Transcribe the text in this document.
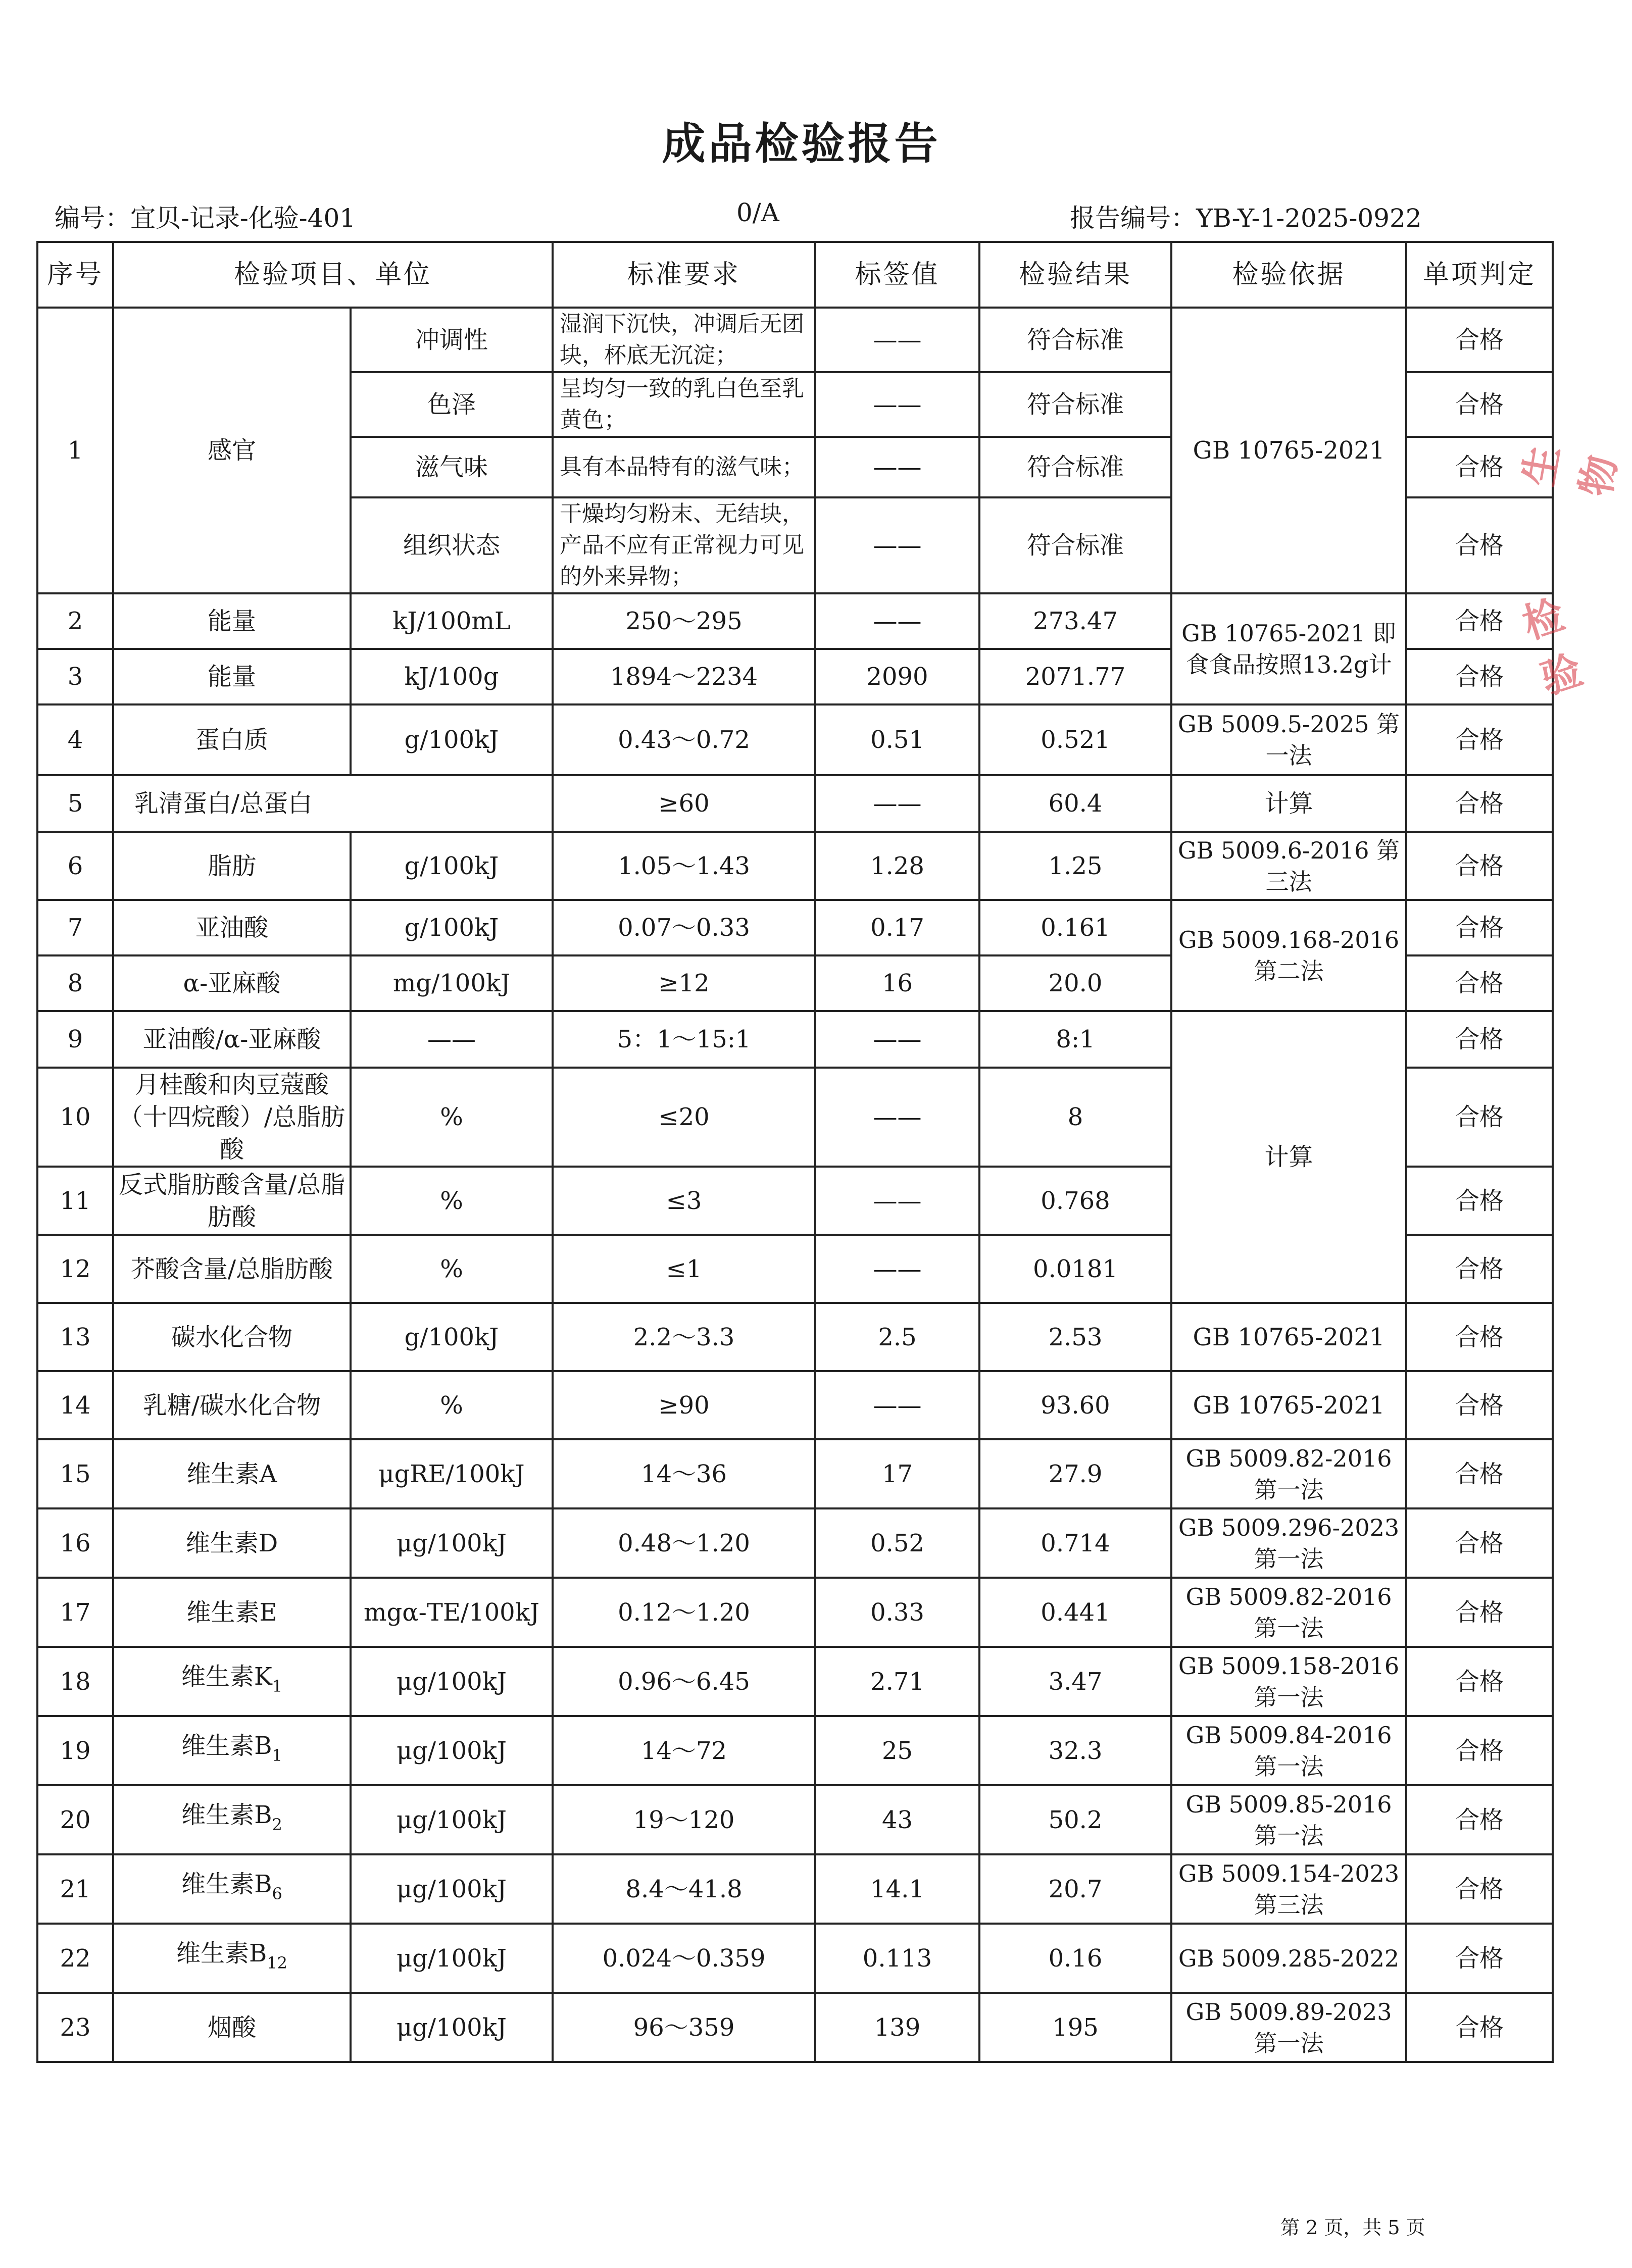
成品检验报告
编号：宜贝-记录-化验-401	0/A	报告编号：YB-Y-1-2025-0922
序号	检验项目、单位		标准要求	标签值	检验结果	检验依据	单项判定
1	感官	冲调性	湿润下沉快，冲调后无团块，杯底无沉淀；	——	符合标准	GB 10765-2021	合格
		色泽	呈均匀一致的乳白色至乳黄色；	——	符合标准		合格
		滋气味	具有本品特有的滋气味；	——	符合标准		合格
		组织状态	干燥均匀粉末、无结块，产品不应有正常视力可见的外来异物；	——	符合标准		合格
2	能量	kJ/100mL	250～295	——	273.47	GB 10765-2021 即食食品按照13.2g计	合格
3	能量	kJ/100g	1894～2234	2090	2071.77		合格
4	蛋白质	g/100kJ	0.43～0.72	0.51	0.521	GB 5009.5-2025 第一法	合格
5	乳清蛋白/总蛋白		≥60	——	60.4	计算	合格
6	脂肪	g/100kJ	1.05～1.43	1.28	1.25	GB 5009.6-2016 第三法	合格
7	亚油酸	g/100kJ	0.07～0.33	0.17	0.161	GB 5009.168-2016 第二法	合格
8	α-亚麻酸	mg/100kJ	≥12	16	20.0		合格
9	亚油酸/α-亚麻酸	——	5：1～15:1	——	8:1	计算	合格
10	月桂酸和肉豆蔻酸（十四烷酸）/总脂肪酸	%	≤20	——	8		合格
11	反式脂肪酸含量/总脂肪酸	%	≤3	——	0.768		合格
12	芥酸含量/总脂肪酸	%	≤1	——	0.0181		合格
13	碳水化合物	g/100kJ	2.2～3.3	2.5	2.53	GB 10765-2021	合格
14	乳糖/碳水化合物	%	≥90	——	93.60	GB 10765-2021	合格
15	维生素A	μgRE/100kJ	14～36	17	27.9	GB 5009.82-2016 第一法	合格
16	维生素D	μg/100kJ	0.48～1.20	0.52	0.714	GB 5009.296-2023 第一法	合格
17	维生素E	mgα-TE/100kJ	0.12～1.20	0.33	0.441	GB 5009.82-2016 第一法	合格
18	维生素$K_1$	μg/100kJ	0.96～6.45	2.71	3.47	GB 5009.158-2016 第一法	合格
19	维生素$B_1$	μg/100kJ	14～72	25	32.3	GB 5009.84-2016 第一法	合格
20	维生素$B_2$	μg/100kJ	19～120	43	50.2	GB 5009.85-2016 第一法	合格
21	维生素$B_6$	μg/100kJ	8.4～41.8	14.1	20.7	GB 5009.154-2023 第三法	合格
22	维生素$B_{12}$	μg/100kJ	0.024～0.359	0.113	0.16	GB 5009.285-2022	合格
23	烟酸	μg/100kJ	96～359	139	195	GB 5009.89-2023 第一法	合格
生物
检验
第 2 页，共 5 页
